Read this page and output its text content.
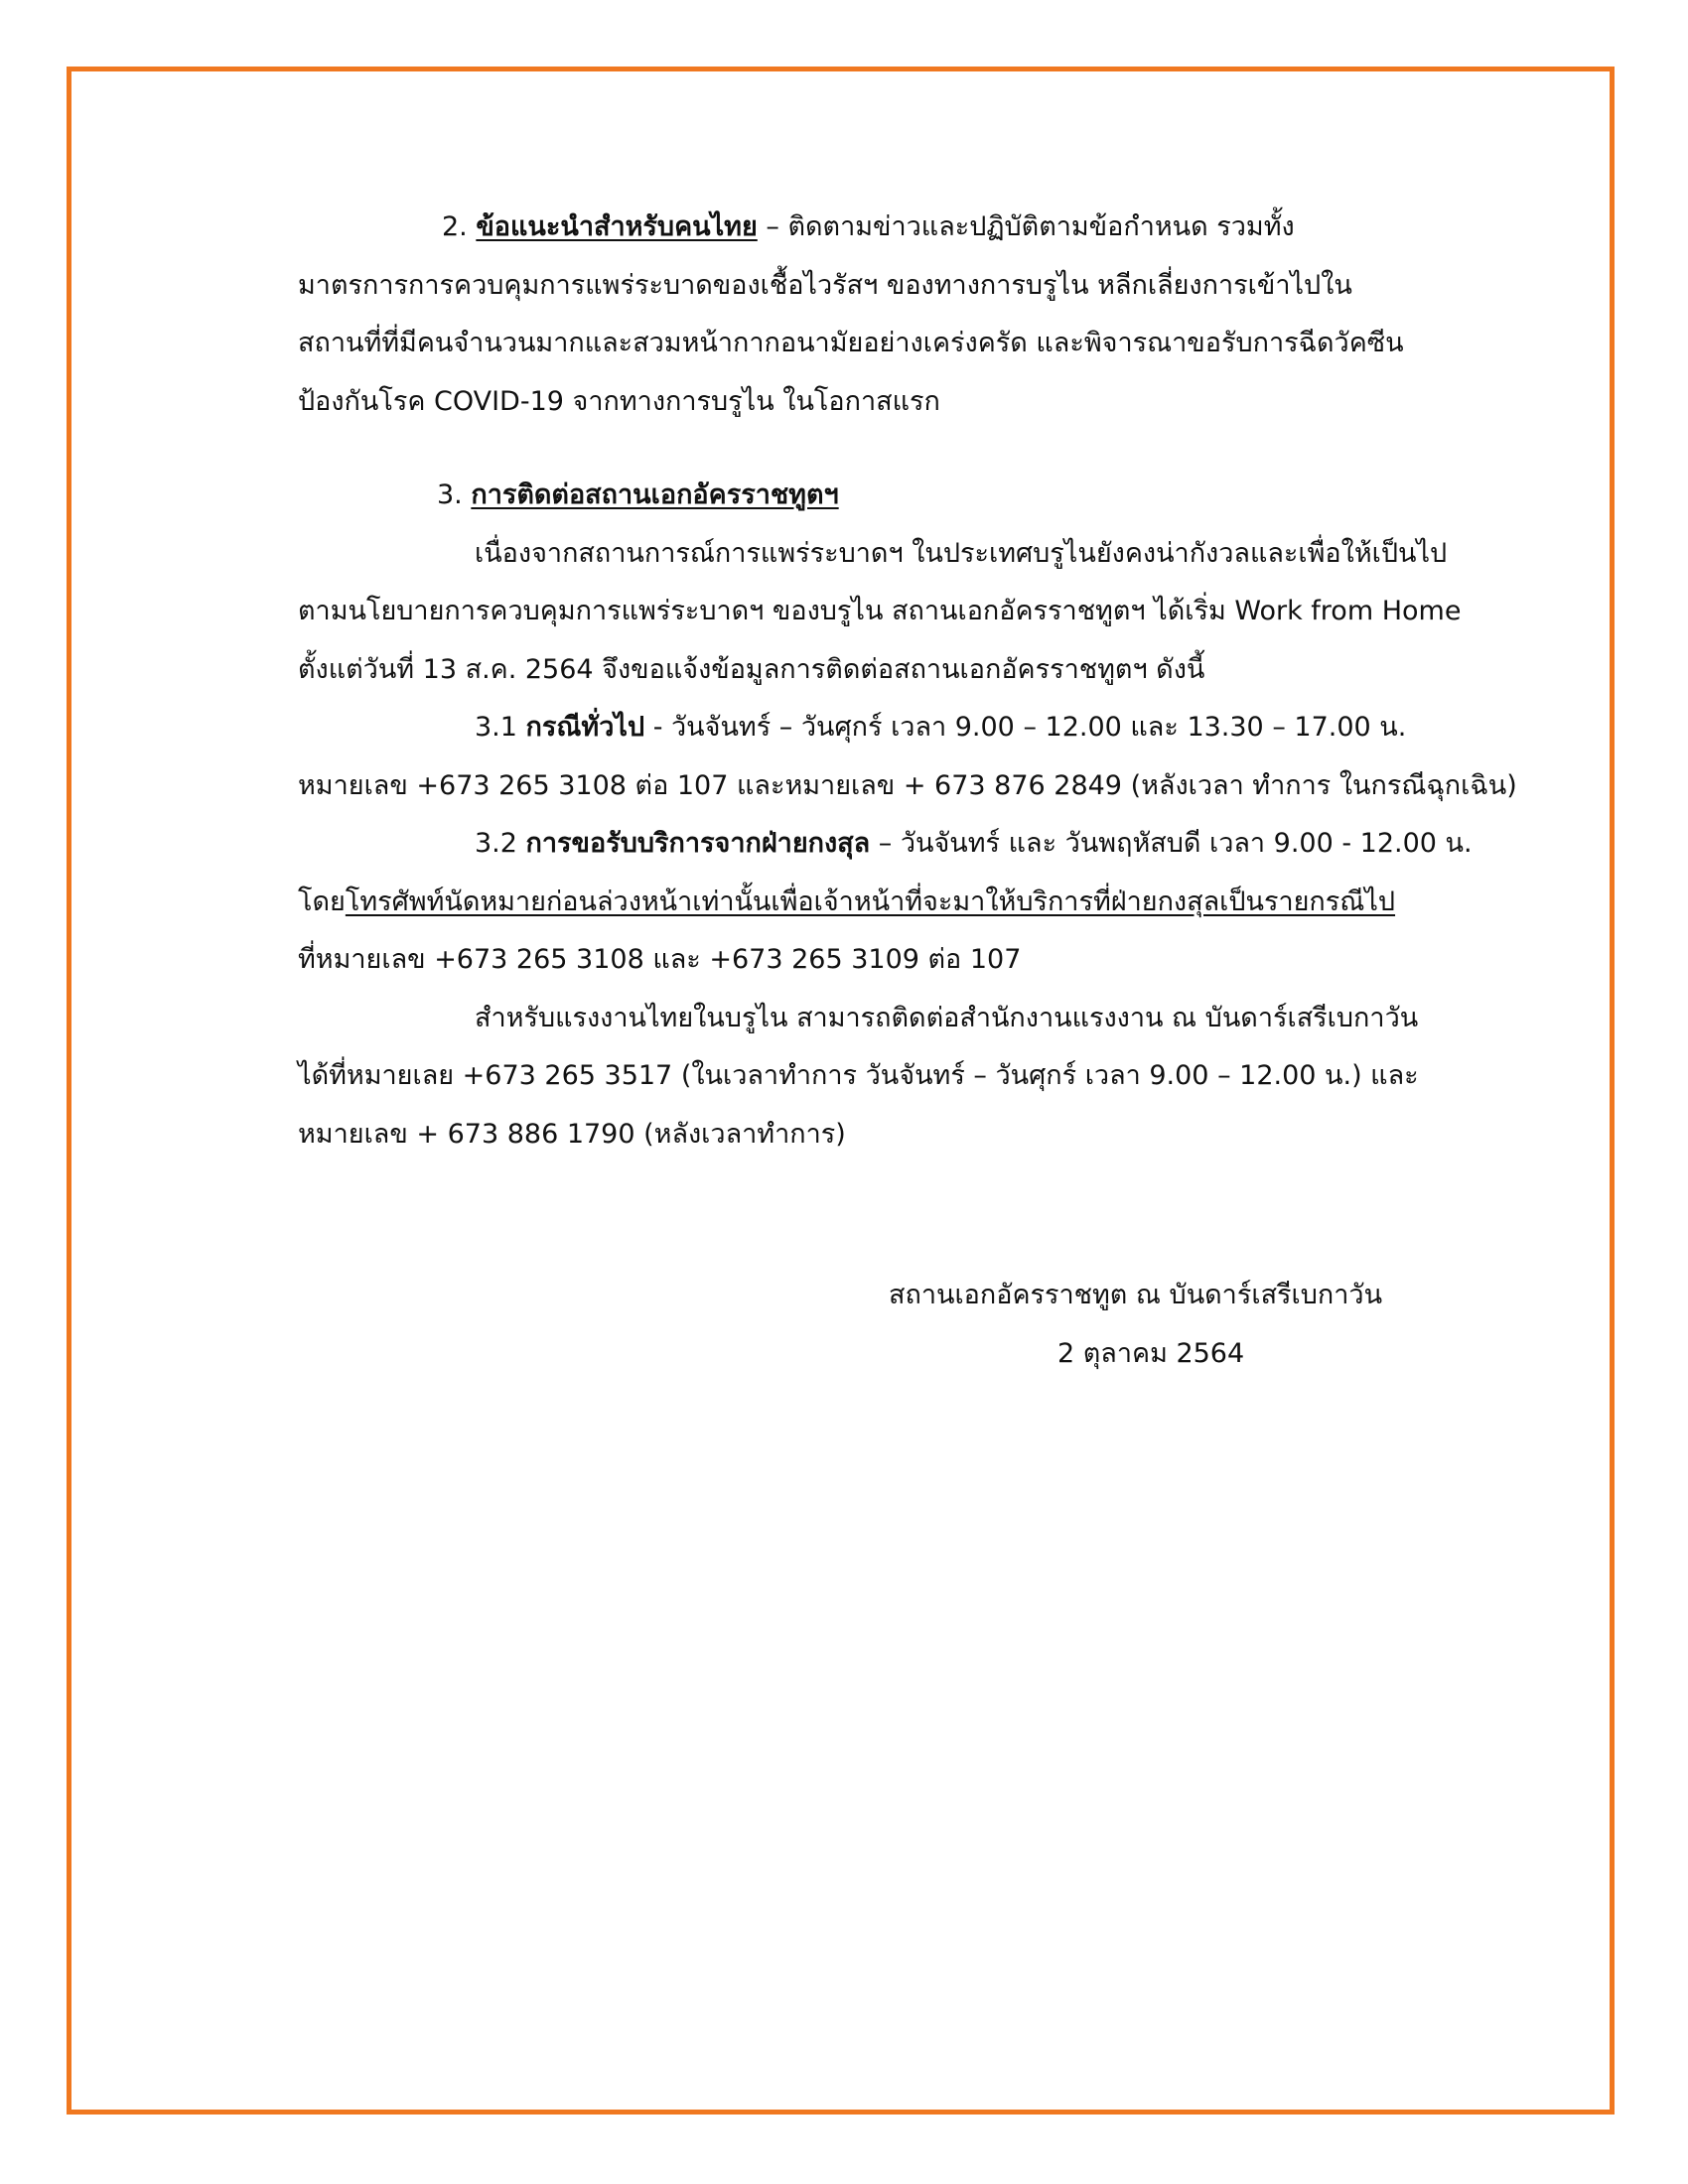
2. ข้อแนะนำสำหรับคนไทย – ติดตามข่าวและปฏิบัติตามข้อกำหนด รวมทั้ง
มาตรการการควบคุมการแพร่ระบาดของเชื้อไวรัสฯ ของทางการบรูไน หลีกเลี่ยงการเข้าไปใน
สถานที่ที่มีคนจำนวนมากและสวมหน้ากากอนามัยอย่างเคร่งครัด และพิจารณาขอรับการฉีดวัคซีน
ป้องกันโรค COVID-19 จากทางการบรูไน ในโอกาสแรก
3. การติดต่อสถานเอกอัครราชทูตฯ
เนื่องจากสถานการณ์การแพร่ระบาดฯ ในประเทศบรูไนยังคงน่ากังวลและเพื่อให้เป็นไป
ตามนโยบายการควบคุมการแพร่ระบาดฯ ของบรูไน สถานเอกอัครราชทูตฯ ได้เริ่ม Work from Home
ตั้งแต่วันที่ 13 ส.ค. 2564 จึงขอแจ้งข้อมูลการติดต่อสถานเอกอัครราชทูตฯ ดังนี้
3.1 กรณีทั่วไป - วันจันทร์ – วันศุกร์ เวลา 9.00 – 12.00 และ 13.30 – 17.00 น.
หมายเลข +673 265 3108 ต่อ 107 และหมายเลข + 673 876 2849 (หลังเวลา ทำการ ในกรณีฉุกเฉิน)
3.2 การขอรับบริการจากฝ่ายกงสุล – วันจันทร์ และ วันพฤหัสบดี เวลา 9.00 - 12.00 น.
โดยโทรศัพท์นัดหมายก่อนล่วงหน้าเท่านั้นเพื่อเจ้าหน้าที่จะมาให้บริการที่ฝ่ายกงสุลเป็นรายกรณีไป
ที่หมายเลข +673 265 3108 และ +673 265 3109 ต่อ 107
สำหรับแรงงานไทยในบรูไน สามารถติดต่อสำนักงานแรงงาน ณ บันดาร์เสรีเบกาวัน
ได้ที่หมายเลย +673 265 3517 (ในเวลาทำการ วันจันทร์ – วันศุกร์ เวลา 9.00 – 12.00 น.) และ
หมายเลข + 673 886 1790 (หลังเวลาทำการ)
สถานเอกอัครราชทูต ณ บันดาร์เสรีเบกาวัน
2 ตุลาคม 2564
